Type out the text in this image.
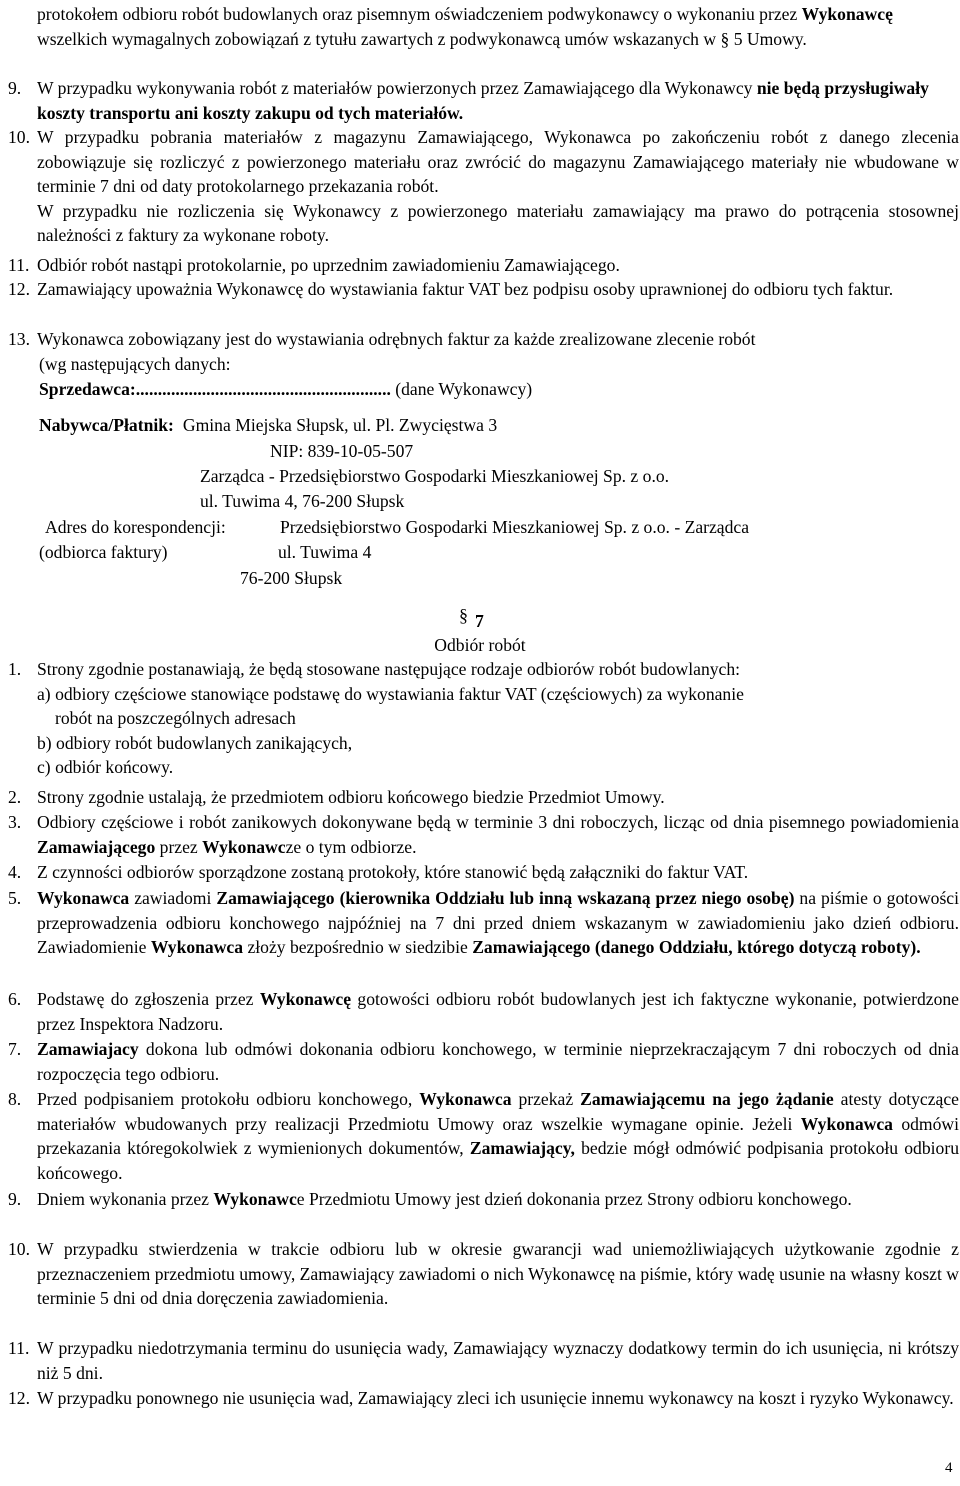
protokołem odbioru robót budowlanych oraz pisemnym oświadczeniem podwykonawcy o wykonaniu przez Wykonawcę wszelkich wymagalnych zobowiązań z tytułu zawartych z podwykonawcą umów wskazanych w § 5 Umowy.
9. W przypadku wykonywania robót z materiałów powierzonych przez Zamawiającego dla Wykonawcy nie będą przysługiwały koszty transportu ani koszty zakupu od tych materiałów.
10. W przypadku pobrania materiałów z magazynu Zamawiającego, Wykonawca po zakończeniu robót z danego zlecenia zobowiązuje się rozliczyć z powierzonego materiału oraz zwrócić do magazynu Zamawiającego materiały nie wbudowane w terminie 7 dni od daty protokolarnego przekazania robót.
W przypadku nie rozliczenia się Wykonawcy z powierzonego materiału zamawiający ma prawo do potrącenia stosownej należności z faktury za wykonane roboty.
11. Odbiór robót nastąpi protokolarnie, po uprzednim zawiadomieniu Zamawiającego.
12. Zamawiający upoważnia Wykonawcę do wystawiania faktur VAT bez podpisu osoby uprawnionej do odbioru tych faktur.
13. Wykonawca zobowiązany jest do wystawiania odrębnych faktur za każde zrealizowane zlecenie robót
(wg następujących danych:
Sprzedawca:.......................................................... (dane Wykonawcy)
Nabywca/Płatnik: Gmina Miejska Słupsk, ul. Pl. Zwycięstwa 3
NIP: 839-10-05-507
Zarządca - Przedsiębiorstwo Gospodarki Mieszkaniowej Sp. z o.o.
ul. Tuwima 4, 76-200 Słupsk
Adres do korespondencji:	Przedsiębiorstwo Gospodarki Mieszkaniowej Sp. z o.o. - Zarządca
(odbiorca faktury)	ul. Tuwima 4
76-200 Słupsk
§ 7
Odbiór robót
1. Strony zgodnie postanawiają, że będą stosowane następujące rodzaje odbiorów robót budowlanych:
a) odbiory częściowe stanowiące podstawę do wystawiania faktur VAT (częściowych) za wykonanie
robót na poszczególnych adresach
b) odbiory robót budowlanych zanikających,
c) odbiór końcowy.
2. Strony zgodnie ustalają, że przedmiotem odbioru końcowego biedzie Przedmiot Umowy.
3. Odbiory częściowe i robót zanikowych dokonywane będą w terminie 3 dni roboczych, licząc od dnia pisemnego powiadomienia Zamawiającego przez Wykonawcze o tym odbiorze.
4. Z czynności odbiorów sporządzone zostaną protokoły, które stanowić będą załączniki do faktur VAT.
5. Wykonawca zawiadomi Zamawiającego (kierownika Oddziału lub inną wskazaną przez niego osobę) na piśmie o gotowości przeprowadzenia odbioru konchowego najpóźniej na 7 dni przed dniem wskazanym w zawiadomieniu jako dzień odbioru. Zawiadomienie Wykonawca złoży bezpośrednio w siedzibie Zamawiającego (danego Oddziału, którego dotyczą roboty).
6. Podstawę do zgłoszenia przez Wykonawcę gotowości odbioru robót budowlanych jest ich faktyczne wykonanie, potwierdzone przez Inspektora Nadzoru.
7. Zamawiajacy dokona lub odmówi dokonania odbioru konchowego, w terminie nieprzekraczającym 7 dni roboczych od dnia rozpoczęcia tego odbioru.
8. Przed podpisaniem protokołu odbioru konchowego, Wykonawca przekaż Zamawiającemu na jego żądanie atesty dotyczące materiałów wbudowanych przy realizacji Przedmiotu Umowy oraz wszelkie wymagane opinie. Jeżeli Wykonawca odmówi przekazania któregokolwiek z wymienionych dokumentów, Zamawiający, bedzie mógł odmówić podpisania protokołu odbioru końcowego.
9. Dniem wykonania przez Wykonawce Przedmiotu Umowy jest dzień dokonania przez Strony odbioru konchowego.
10. W przypadku stwierdzenia w trakcie odbioru lub w okresie gwarancji wad uniemożliwiających użytkowanie zgodnie z przeznaczeniem przedmiotu umowy, Zamawiający zawiadomi o nich Wykonawcę na piśmie, który wadę usunie na własny koszt w terminie 5 dni od dnia doręczenia zawiadomienia.
11. W przypadku niedotrzymania terminu do usunięcia wady, Zamawiający wyznaczy dodatkowy termin do ich usunięcia, ni krótszy niż 5 dni.
12. W przypadku ponownego nie usunięcia wad, Zamawiający zleci ich usunięcie innemu wykonawcy na koszt i ryzyko Wykonawcy.
4
